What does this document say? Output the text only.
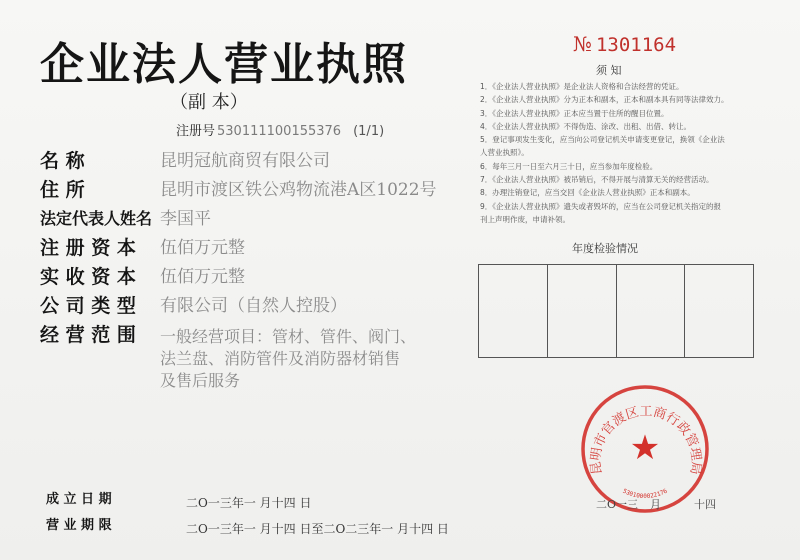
企业法人营业执照
（副 本）
注册号 530111100155376 (1/1)
名 称	昆明冠航商贸有限公司
住 所	昆明市渡区铁公鸡物流港A区1022号
法定代表人姓名 李国平
注 册 资 本 伍佰万元整
实 收 资 本 伍佰万元整
公 司 类 型 有限公司（自然人控股）
经 营 范 围 一般经营项目：管材、管件、阀门、
法兰盘、消防管件及消防器材销售
及售后服务
№ 1301164
须 知
1．《企业法人营业执照》是企业法人资格和合法经营的凭证。
2．《企业法人营业执照》分为正本和副本，正本和副本具有同等法律效力。
3．《企业法人营业执照》正本应当置于住所的醒目位置。
4．《企业法人营业执照》不得伪造、涂改、出租、出借、转让。
5．登记事项发生变化，应当向公司登记机关申请变更登记，换领《企业法
人营业执照》。
6．每年三月一日至六月三十日，应当参加年度检验。
7．《企业法人营业执照》被吊销后，不得开展与清算无关的经营活动。
8．办理注销登记，应当交回《企业法人营业执照》正本和副本。
9．《企业法人营业执照》遗失或者毁坏的，应当在公司登记机关指定的报
刊上声明作废，申请补领。
年度检验情况
昆明市官渡区工商行政管理局
★
5301000022176
二O一三 月	十四
成 立 日 期	二O一三年一 月十四 日
营 业 期 限	二O一三年一 月十四 日至二O二三年一 月十四 日
